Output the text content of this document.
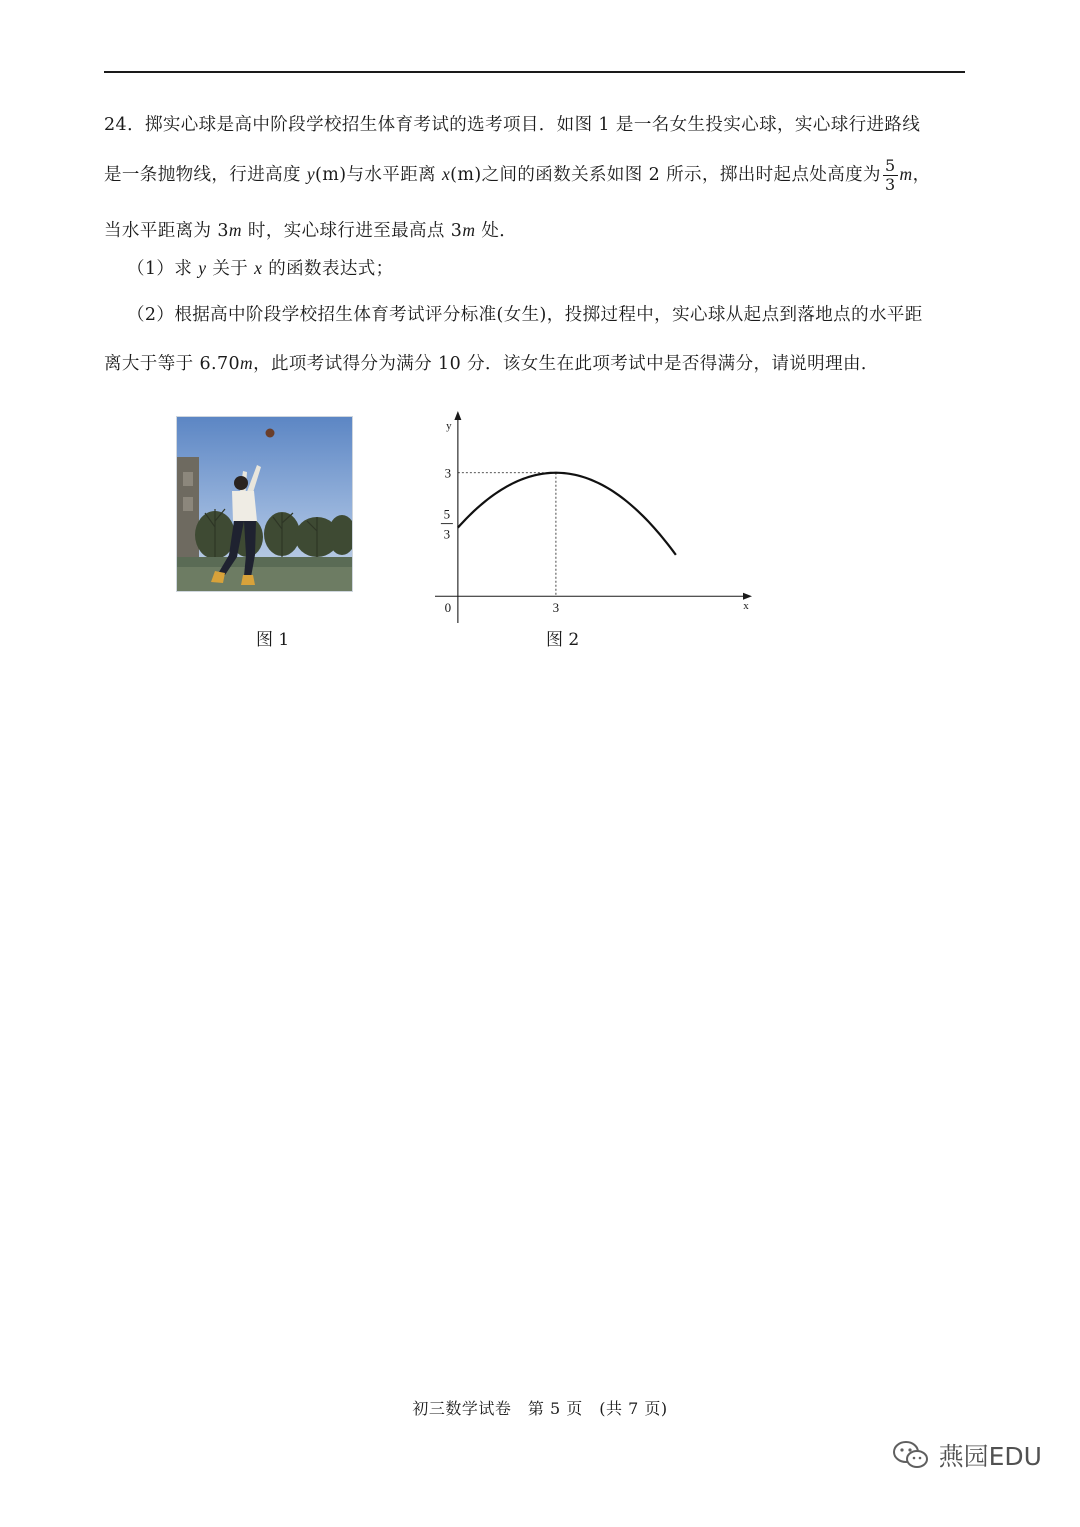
24．掷实心球是高中阶段学校招生体育考试的选考项目．如图 1 是一名女生投实心球，实心球行进路线
是一条抛物线，行进高度 y(m)与水平距离 x(m)之间的函数关系如图 2 所示，掷出时起点处高度为 $\frac{5}{3}$ m，
当水平距离为 3m 时，实心球行进至最高点 3m 处．
（1）求 y 关于 x 的函数表达式；
（2）根据高中阶段学校招生体育考试评分标准(女生)，投掷过程中，实心球从起点到落地点的水平距
离大于等于 6.70m，此项考试得分为满分 10 分．该女生在此项考试中是否得满分，请说明理由．
图 1
x
y
0	3
3
5
3
图 2
初三数学试卷　第 5 页　(共 7 页)
燕园EDU
